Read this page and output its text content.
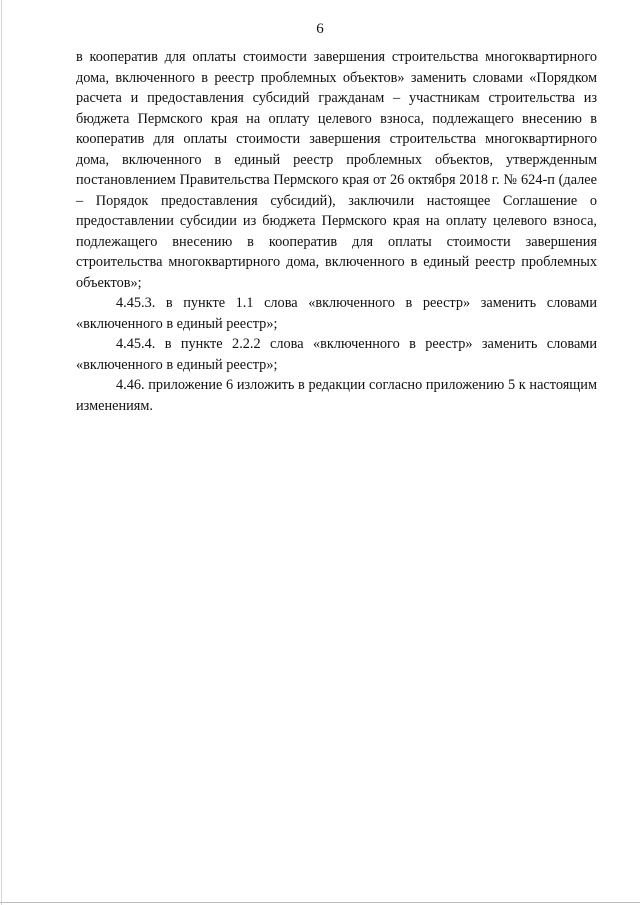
6

в кооператив для оплаты стоимости завершения строительства многоквартирного дома, включенного в реестр проблемных объектов» заменить словами «Порядком расчета и предоставления субсидий гражданам – участникам строительства из бюджета Пермского края на оплату целевого взноса, подлежащего внесению в кооператив для оплаты стоимости завершения строительства многоквартирного дома, включенного в единый реестр проблемных объектов, утвержденным постановлением Правительства Пермского края от 26 октября 2018 г. № 624-п (далее – Порядок предоставления субсидий), заключили настоящее Соглашение о предоставлении субсидии из бюджета Пермского края на оплату целевого взноса, подлежащего внесению в кооператив для оплаты стоимости завершения строительства многоквартирного дома, включенного в единый реестр проблемных объектов»;

4.45.3. в пункте 1.1 слова «включенного в реестр» заменить словами «включенного в единый реестр»;

4.45.4. в пункте 2.2.2 слова «включенного в реестр» заменить словами «включенного в единый реестр»;

4.46. приложение 6 изложить в редакции согласно приложению 5 к настоящим изменениям.
